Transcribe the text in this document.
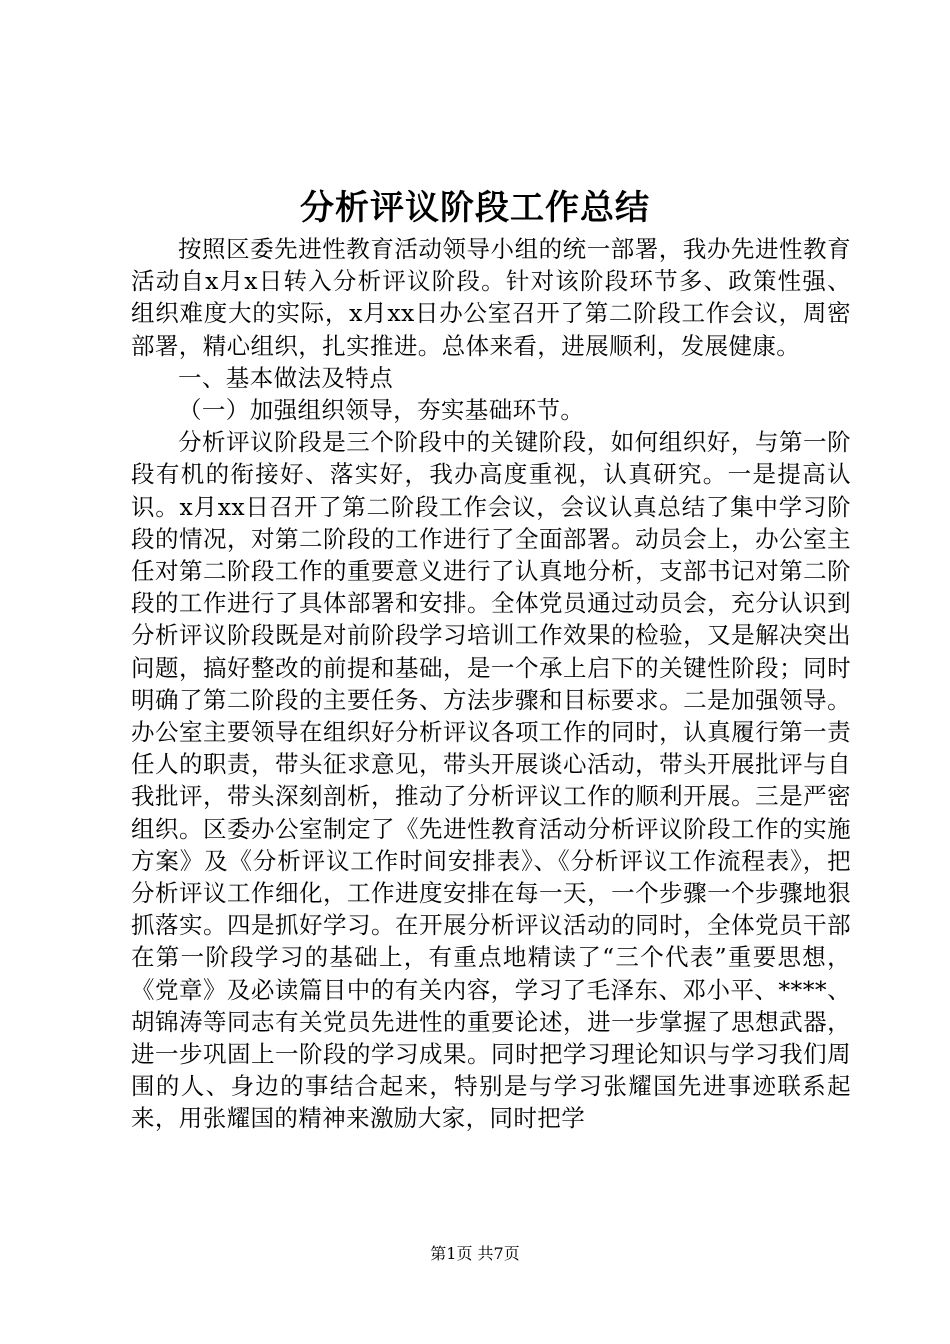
分析评议阶段工作总结

按照区委先进性教育活动领导小组的统一部署，我办先进性教育活动自x月x日转入分析评议阶段。针对该阶段环节多、政策性强、组织难度大的实际，x月xx日办公室召开了第二阶段工作会议，周密部署，精心组织，扎实推进。总体来看，进展顺利，发展健康。

一、基本做法及特点

（一）加强组织领导，夯实基础环节。

分析评议阶段是三个阶段中的关键阶段，如何组织好，与第一阶段有机的衔接好、落实好，我办高度重视，认真研究。一是提高认识。x月xx日召开了第二阶段工作会议，会议认真总结了集中学习阶段的情况，对第二阶段的工作进行了全面部署。动员会上，办公室主任对第二阶段工作的重要意义进行了认真地分析，支部书记对第二阶段的工作进行了具体部署和安排。全体党员通过动员会，充分认识到分析评议阶段既是对前阶段学习培训工作效果的检验，又是解决突出问题，搞好整改的前提和基础，是一个承上启下的关键性阶段；同时明确了第二阶段的主要任务、方法步骤和目标要求。二是加强领导。办公室主要领导在组织好分析评议各项工作的同时，认真履行第一责任人的职责，带头征求意见，带头开展谈心活动，带头开展批评与自我批评，带头深刻剖析，推动了分析评议工作的顺利开展。三是严密组织。区委办公室制定了《先进性教育活动分析评议阶段工作的实施方案》及《分析评议工作时间安排表》、《分析评议工作流程表》，把分析评议工作细化，工作进度安排在每一天，一个步骤一个步骤地狠抓落实。四是抓好学习。在开展分析评议活动的同时，全体党员干部在第一阶段学习的基础上，有重点地精读了“三个代表”重要思想，《党章》及必读篇目中的有关内容，学习了毛泽东、邓小平、****、胡锦涛等同志有关党员先进性的重要论述，进一步掌握了思想武器，进一步巩固上一阶段的学习成果。同时把学习理论知识与学习我们周围的人、身边的事结合起来，特别是与学习张耀国先进事迹联系起来，用张耀国的精神来激励大家，同时把学

第1页 共7页
